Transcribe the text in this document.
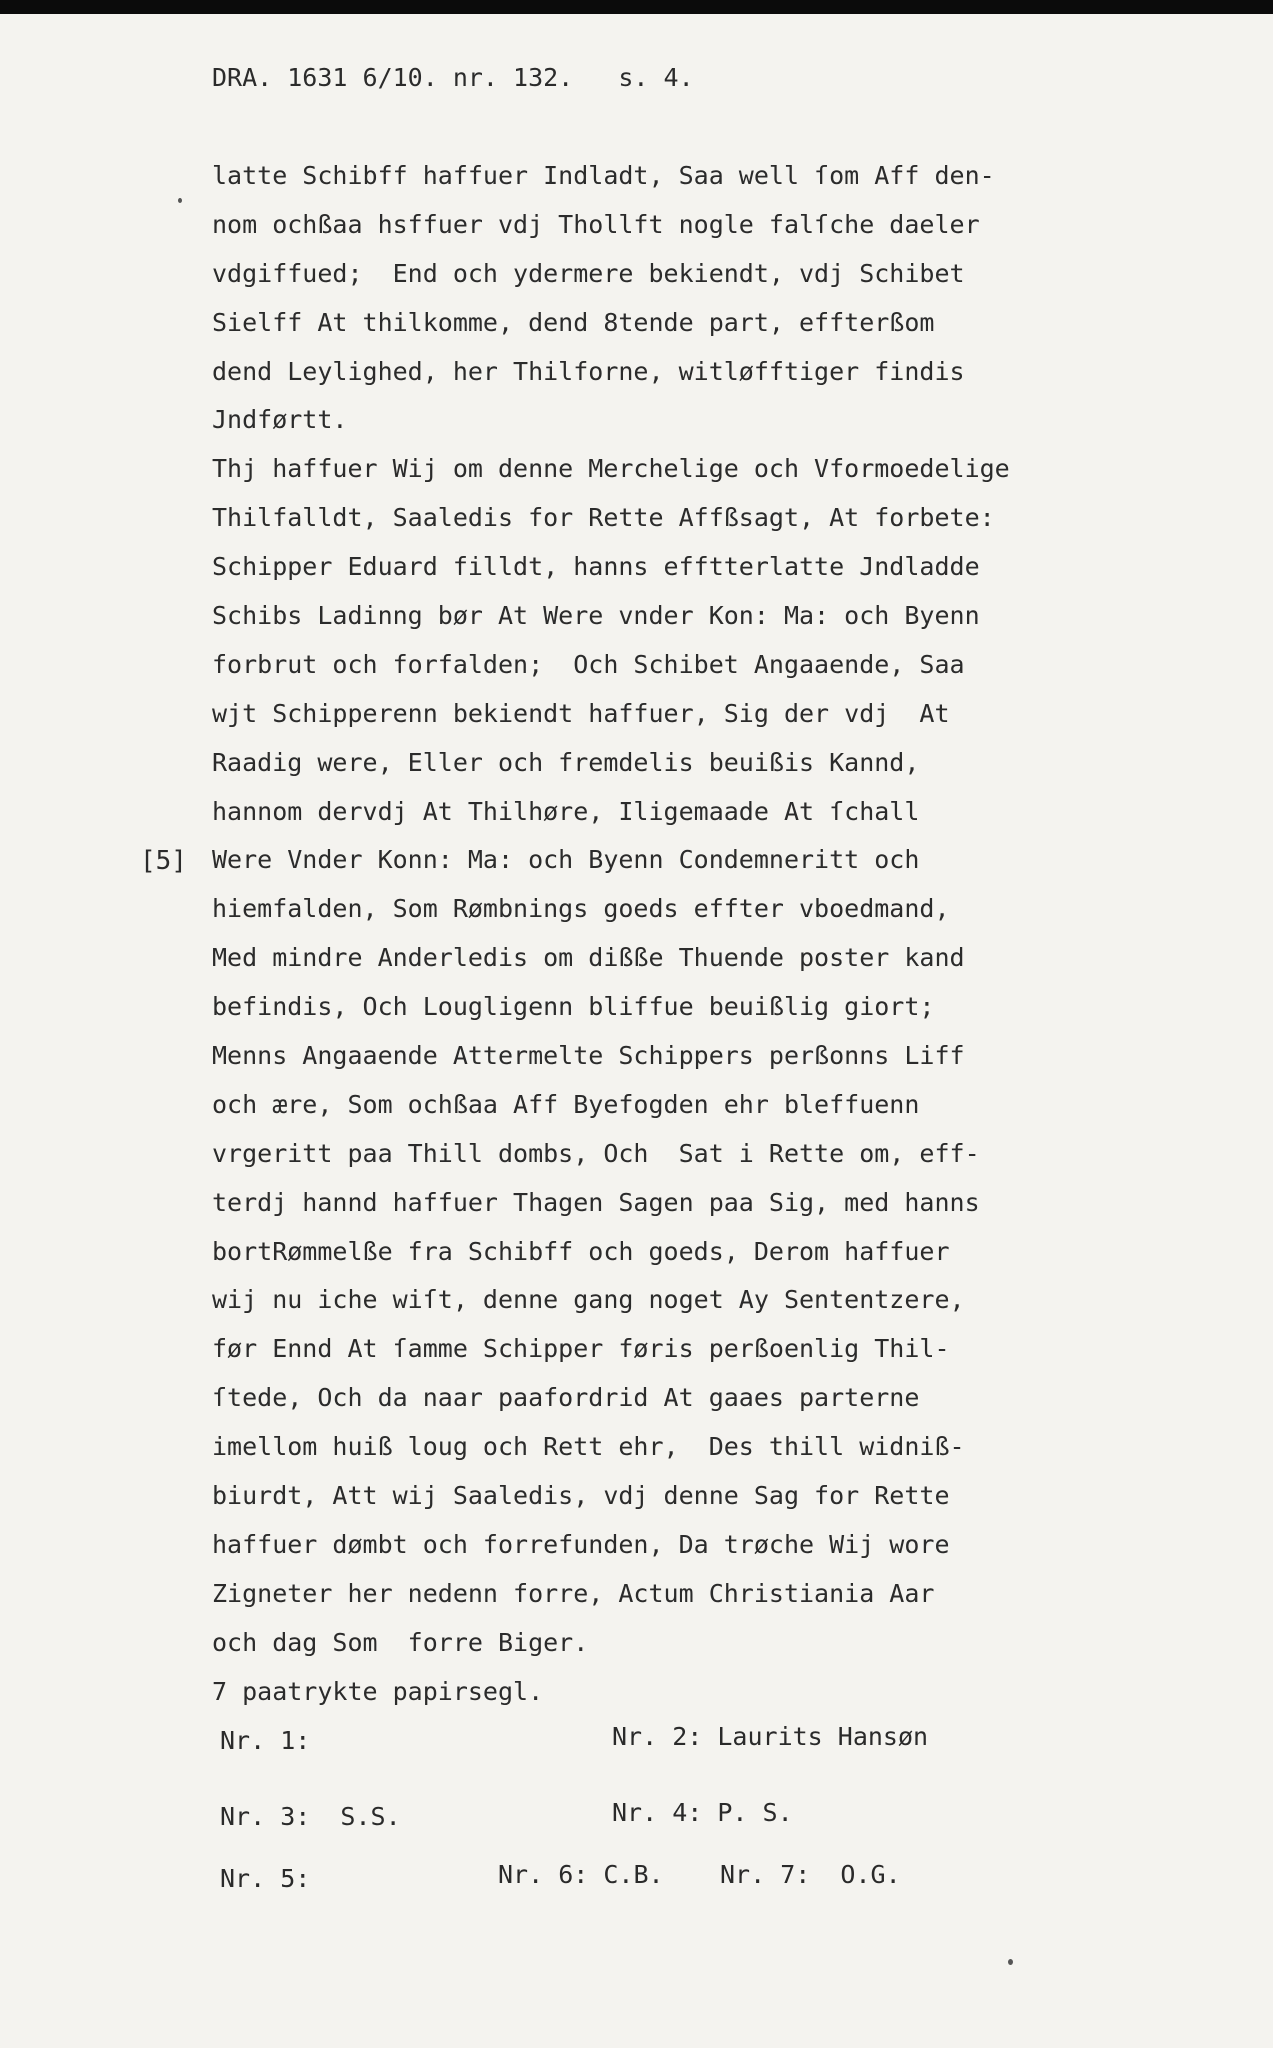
DRA. 1631 6/10. nr. 132.   s. 4.
[5]
latte Schibff haffuer Indladt, Saa well ſom Aff den-
nom ochßaa hsffuer vdj Thollft nogle falſche daeler
vdgiffued;  End och ydermere bekiendt, vdj Schibet
Sielff At thilkomme, dend 8tende part, effterßom
dend Leylighed, her Thilforne, witløfftiger findis
Jndførtt.
Thj haffuer Wij om denne Merchelige och Vformoedelige
Thilfalldt, Saaledis for Rette Affßsagt, At forbete:
Schipper Eduard filldt, hanns efftterlatte Jndladde
Schibs Ladinng bør At Were vnder Kon: Ma: och Byenn
forbrut och forfalden;  Och Schibet Angaaende, Saa
wjt Schipperenn bekiendt haffuer, Sig der vdj  At
Raadig were, Eller och fremdelis beuißis Kannd,
hannom dervdj At Thilhøre, Iligemaade At ſchall
Were Vnder Konn: Ma: och Byenn Condemneritt och
hiemfalden, Som Rømbnings goeds effter vboedmand,
Med mindre Anderledis om dißße Thuende poster kand
befindis, Och Lougligenn bliffue beuißlig giort;
Menns Angaaende Attermelte Schippers perßonns Liff
och ære, Som ochßaa Aff Byefogden ehr bleffuenn
vrgeritt paa Thill dombs, Och  Sat i Rette om, eff-
terdj hannd haffuer Thagen Sagen paa Sig, med hanns
bortRømmelße fra Schibff och goeds, Derom haffuer
wij nu iche wiſt, denne gang noget Ay Sententzere,
før Ennd At ſamme Schipper føris perßoenlig Thil-
ſtede, Och da naar paafordrid At gaaes parterne
imellom huiß loug och Rett ehr,  Des thill widniß-
biurdt, Att wij Saaledis, vdj denne Sag for Rette
haffuer dømbt och forrefunden, Da trøche Wij wore
Zigneter her nedenn forre, Actum Christiania Aar
och dag Som  forre Biger.
7 paatrykte papirsegl.
Nr. 1:	Nr. 2: Laurits Hansøn
Nr. 3:  S.S.	Nr. 4: P. S.
Nr. 5:	Nr. 6: C.B. Nr. 7:  O.G.
